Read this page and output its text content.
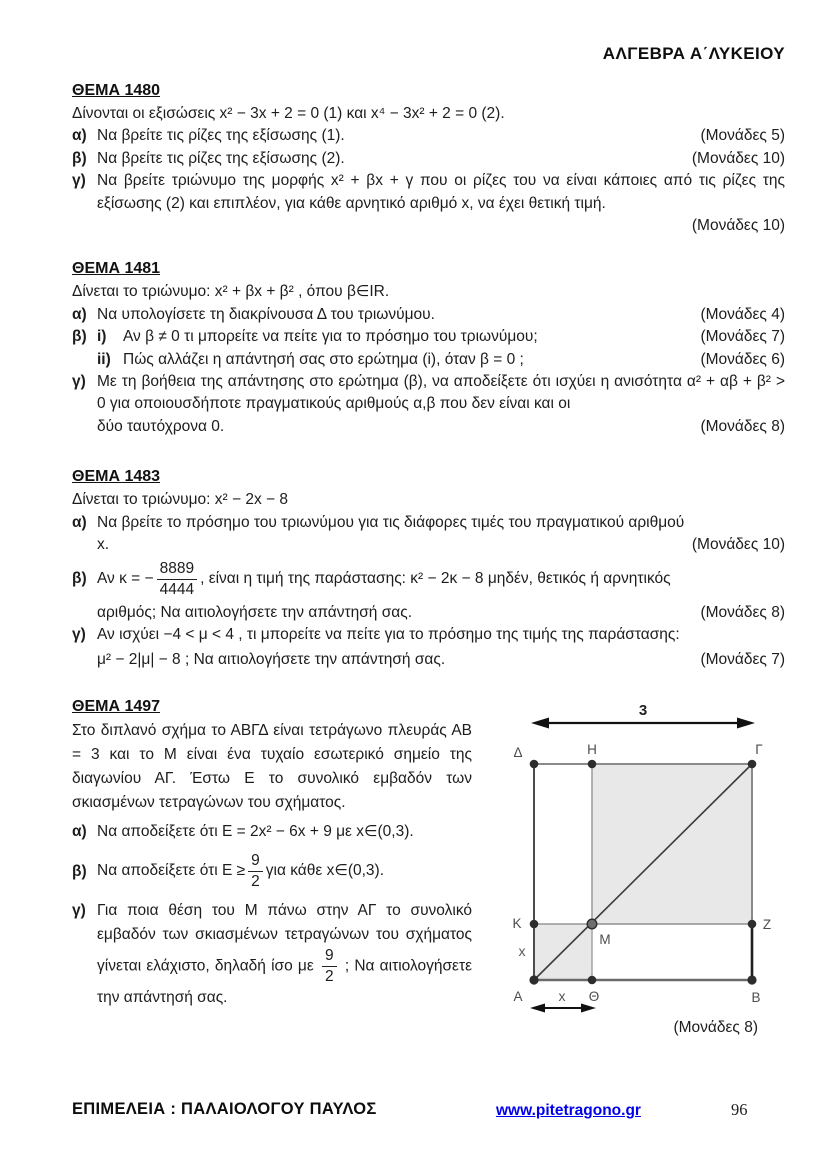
ΑΛΓΕΒΡΑ Α΄ΛΥΚΕΙΟΥ
ΘΕΜΑ 1480
Δίνονται οι εξισώσεις x² − 3x + 2 = 0 (1) και x⁴ − 3x² + 2 = 0 (2).
α) Να βρείτε τις ρίζες της εξίσωσης (1).	(Μονάδες 5)
β) Να βρείτε τις ρίζες της εξίσωσης (2).	(Μονάδες 10)
γ) Να βρείτε τριώνυμο της μορφής x² + βx + γ που οι ρίζες του να είναι κάποιες από τις ρίζες της εξίσωσης (2) και επιπλέον, για κάθε αρνητικό αριθμό x, να έχει θετική τιμή.
(Μονάδες 10)
ΘΕΜΑ 1481
Δίνεται το τριώνυμο: x² + βx + β² , όπου β∈IR.
α) Να υπολογίσετε τη διακρίνουσα Δ του τριωνύμου.	(Μονάδες 4)
β) i)	Αν β ≠ 0 τι μπορείτε να πείτε για το πρόσημο του τριωνύμου;	(Μονάδες 7)
ii) Πώς αλλάζει η απάντησή σας στο ερώτημα (i), όταν β = 0 ;	(Μονάδες 6)
γ) Με τη βοήθεια της απάντησης στο ερώτημα (β), να αποδείξετε ότι ισχύει η ανισότητα α² + αβ + β² > 0 για οποιουσδήποτε πραγματικούς αριθμούς α,β που δεν είναι και οι
δύο ταυτόχρονα 0.	(Μονάδες 8)
ΘΕΜΑ 1483
Δίνεται το τριώνυμο: x² − 2x − 8
α) Να βρείτε το πρόσημο του τριωνύμου για τις διάφορες τιμές του πραγματικού αριθμού
x.	(Μονάδες 10)
β) Αν κ = − $\frac{8889}{4444}$ , είναι η τιμή της παράστασης: κ² − 2κ − 8 μηδέν, θετικός ή αρνητικός
αριθμός; Να αιτιολογήσετε την απάντησή σας.	(Μονάδες 8)
γ) Αν ισχύει −4 < μ < 4 , τι μπορείτε να πείτε για το πρόσημο της τιμής της παράστασης:
μ² − 2|μ| − 8 ; Να αιτιολογήσετε την απάντησή σας.	(Μονάδες 7)
ΘΕΜΑ 1497
Στο διπλανό σχήμα το ΑΒΓΔ είναι τετράγωνο πλευράς ΑΒ = 3 και το Μ είναι ένα τυχαίο εσωτερικό σημείο της διαγωνίου ΑΓ. Έστω Ε το συνολικό εμβαδόν των σκιασμένων τετραγώνων του σχήματος.
α) Να αποδείξετε ότι Ε = 2x² − 6x + 9 με x∈(0,3).
β) Να αποδείξετε ότι $E \ge \frac{9}{2}$ για κάθε x∈(0,3).
γ) Για ποια θέση του Μ πάνω στην ΑΓ το συνολικό εμβαδόν των σκιασμένων τετραγώνων του σχήματος γίνεται ελάχιστο, δηλαδή ίσο με $\frac{9}{2}$ ; Να αιτιολογήσετε την απάντησή σας.
3
Δ	Η	Γ
Κ
Μ
Ζ
Α	Θ	Β
x
x
(Μονάδες 8)
ΕΠΙΜΕΛΕΙΑ : ΠΑΛΑΙΟΛΟΓΟΥ ΠΑΥΛΟΣ	www.pitetragono.gr	96
